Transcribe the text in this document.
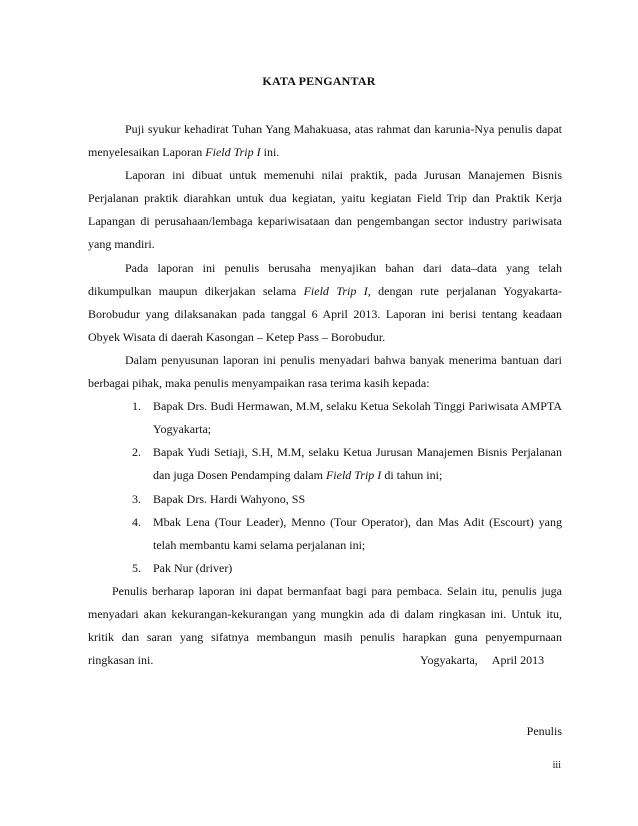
KATA PENGANTAR

Puji syukur kehadirat Tuhan Yang Mahakuasa, atas rahmat dan karunia-Nya penulis dapat menyelesaikan Laporan Field Trip I ini.

Laporan ini dibuat untuk memenuhi nilai praktik, pada Jurusan Manajemen Bisnis Perjalanan praktik diarahkan untuk dua kegiatan, yaitu kegiatan Field Trip dan Praktik Kerja Lapangan di perusahaan/lembaga kepariwisataan dan pengembangan sector industry pariwisata yang mandiri.

Pada laporan ini penulis berusaha menyajikan bahan dari data–data yang telah dikumpulkan maupun dikerjakan selama Field Trip I, dengan rute perjalanan Yogyakarta-Borobudur yang dilaksanakan pada tanggal 6 April 2013. Laporan ini berisi tentang keadaan Obyek Wisata di daerah Kasongan – Ketep Pass – Borobudur.

Dalam penyusunan laporan ini penulis menyadari bahwa banyak menerima bantuan dari berbagai pihak, maka penulis menyampaikan rasa terima kasih kepada:

1. Bapak Drs. Budi Hermawan, M.M, selaku Ketua Sekolah Tinggi Pariwisata AMPTA Yogyakarta;
2. Bapak Yudi Setiaji, S.H, M.M, selaku Ketua Jurusan Manajemen Bisnis Perjalanan dan juga Dosen Pendamping dalam Field Trip I di tahun ini;
3. Bapak Drs. Hardi Wahyono, SS
4. Mbak Lena (Tour Leader), Menno (Tour Operator), dan Mas Adit (Escourt) yang telah membantu kami selama perjalanan ini;
5. Pak Nur (driver)

Penulis berharap laporan ini dapat bermanfaat bagi para pembaca. Selain itu, penulis juga menyadari akan kekurangan-kekurangan yang mungkin ada di dalam ringkasan ini. Untuk itu, kritik dan saran yang sifatnya membangun masih penulis harapkan guna penyempurnaan ringkasan ini.	Yogyakarta, April 2013
Penulis
iii
